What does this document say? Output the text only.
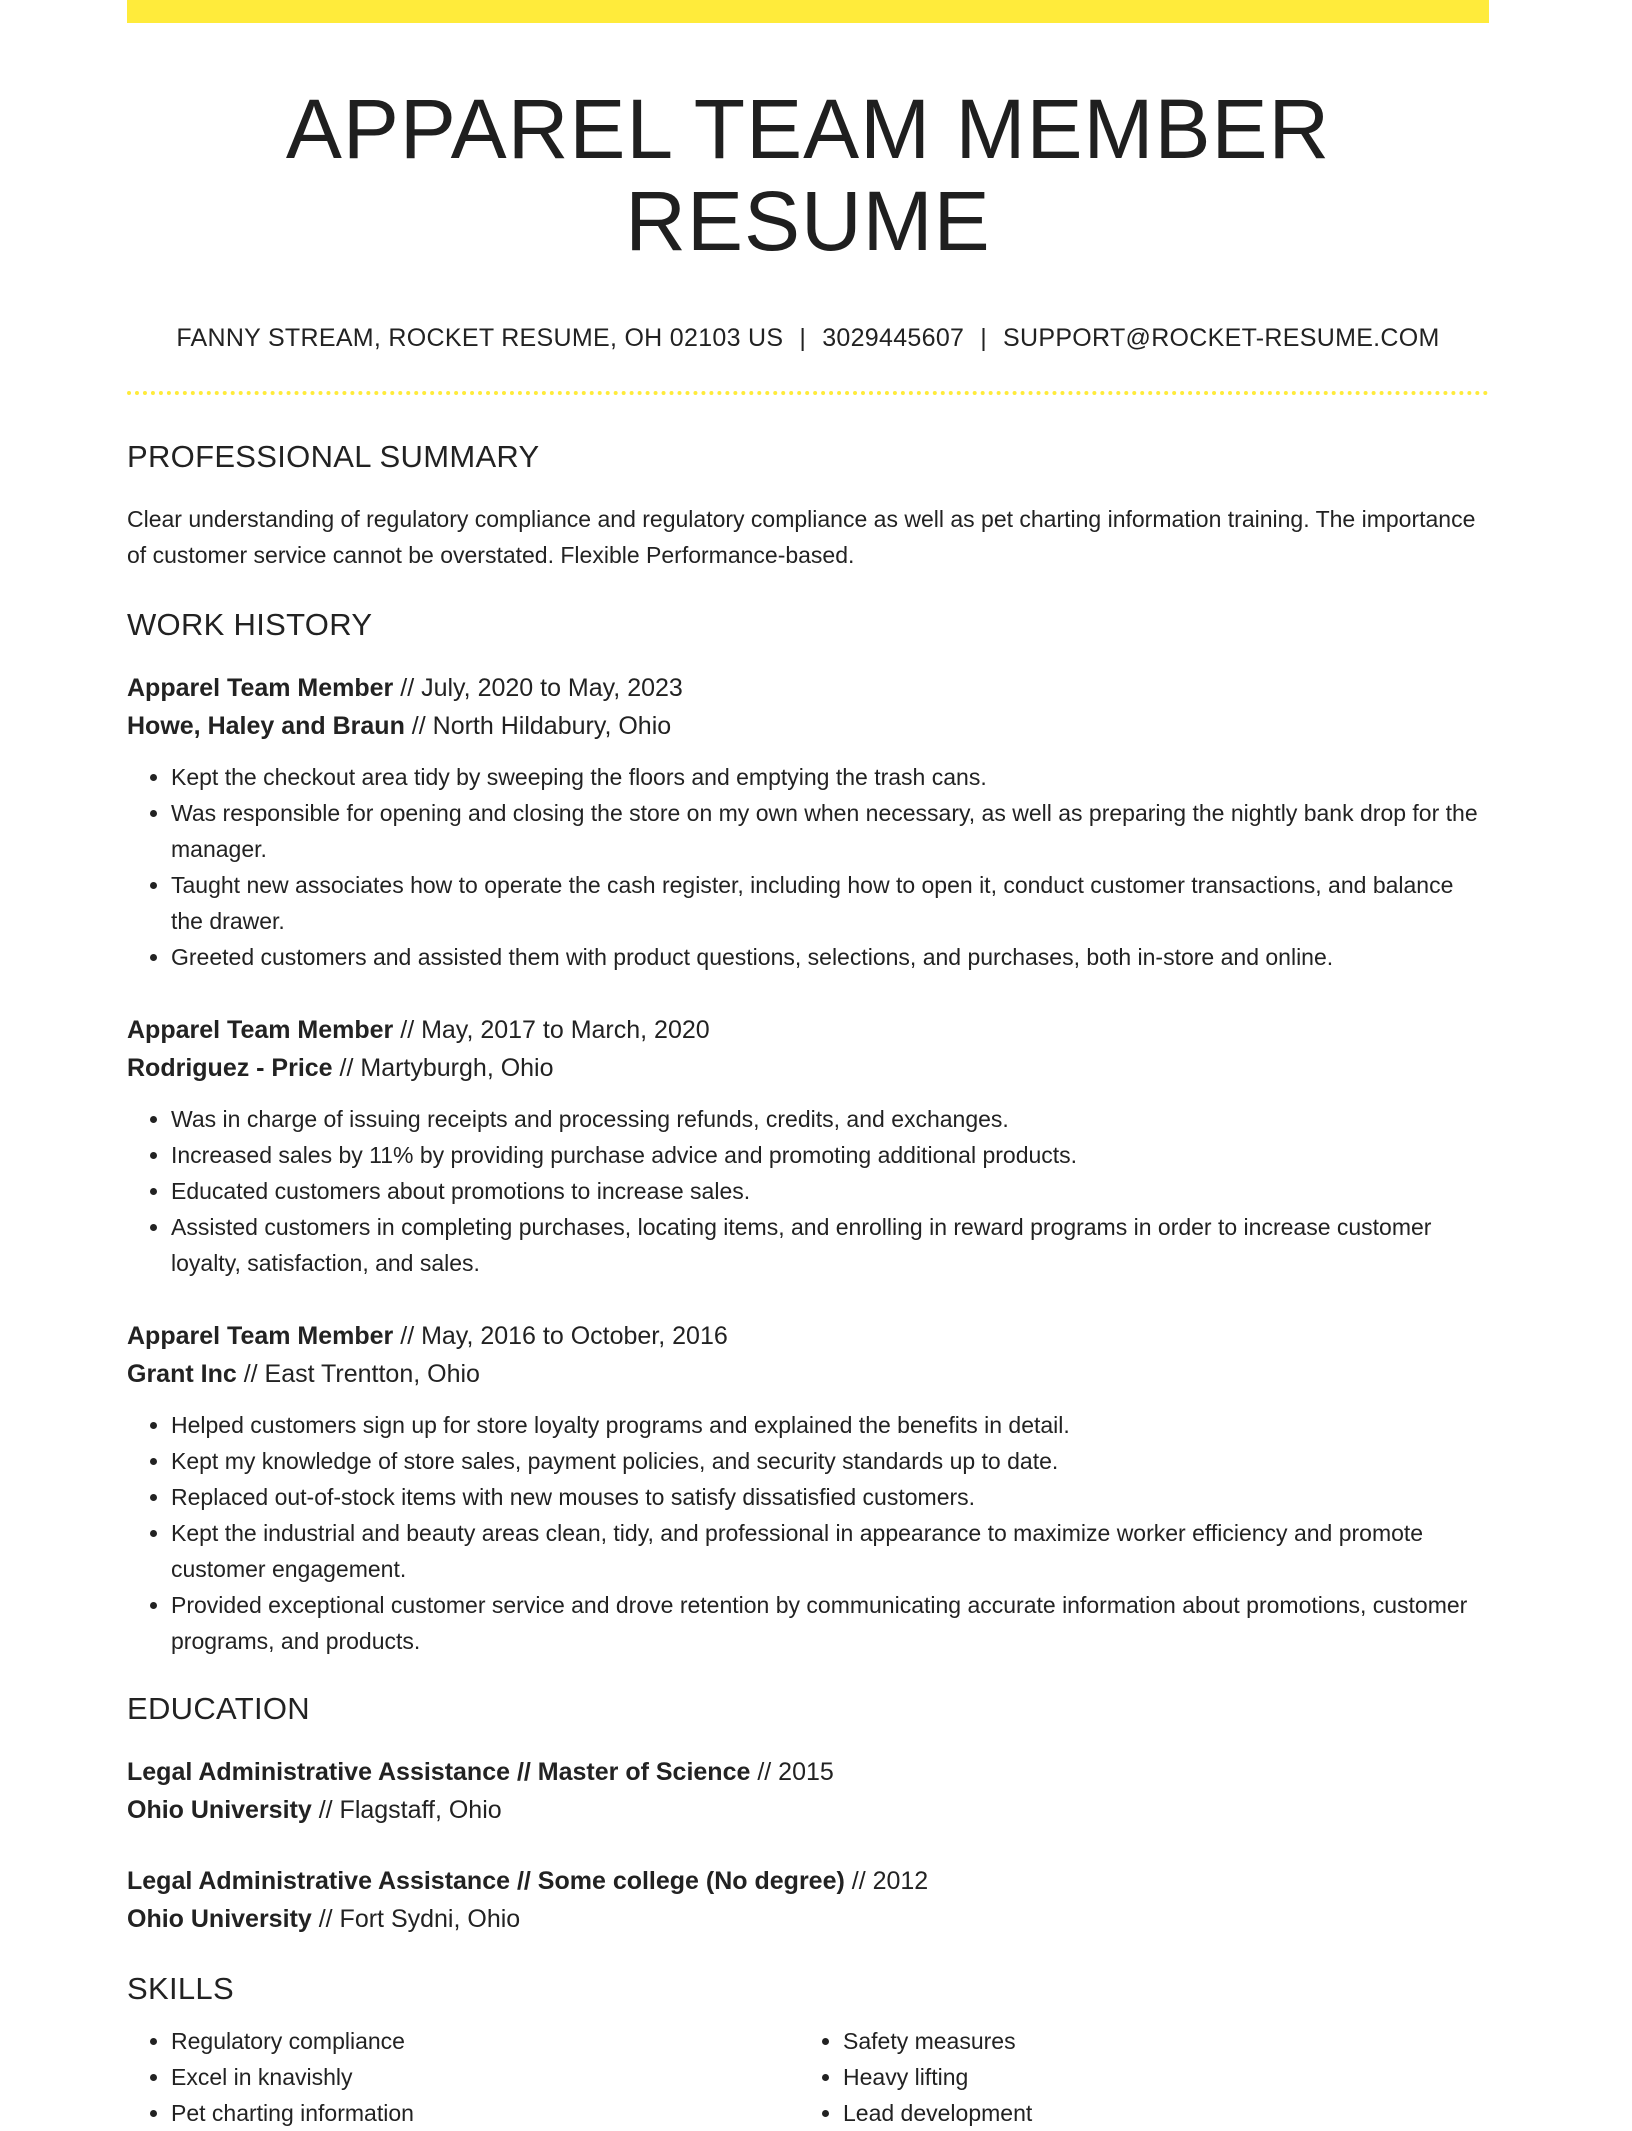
APPAREL TEAM MEMBER RESUME
FANNY STREAM, ROCKET RESUME, OH 02103 US | 3029445607 | SUPPORT@ROCKET-RESUME.COM
PROFESSIONAL SUMMARY

Clear understanding of regulatory compliance and regulatory compliance as well as pet charting information training. The importance of customer service cannot be overstated. Flexible Performance-based.

WORK HISTORY
Apparel Team Member // July, 2020 to May, 2023
Howe, Haley and Braun // North Hildabury, Ohio
• Kept the checkout area tidy by sweeping the floors and emptying the trash cans.
• Was responsible for opening and closing the store on my own when necessary, as well as preparing the nightly bank drop for the manager.
• Taught new associates how to operate the cash register, including how to open it, conduct customer transactions, and balance the drawer.
• Greeted customers and assisted them with product questions, selections, and purchases, both in-store and online.
Apparel Team Member // May, 2017 to March, 2020
Rodriguez - Price // Martyburgh, Ohio
• Was in charge of issuing receipts and processing refunds, credits, and exchanges.
• Increased sales by 11% by providing purchase advice and promoting additional products.
• Educated customers about promotions to increase sales.
• Assisted customers in completing purchases, locating items, and enrolling in reward programs in order to increase customer loyalty, satisfaction, and sales.
Apparel Team Member // May, 2016 to October, 2016
Grant Inc // East Trentton, Ohio
• Helped customers sign up for store loyalty programs and explained the benefits in detail.
• Kept my knowledge of store sales, payment policies, and security standards up to date.
• Replaced out-of-stock items with new mouses to satisfy dissatisfied customers.
• Kept the industrial and beauty areas clean, tidy, and professional in appearance to maximize worker efficiency and promote customer engagement.
• Provided exceptional customer service and drove retention by communicating accurate information about promotions, customer programs, and products.
EDUCATION
Legal Administrative Assistance // Master of Science // 2015
Ohio University // Flagstaff, Ohio
Legal Administrative Assistance // Some college (No degree) // 2012
Ohio University // Fort Sydni, Ohio
SKILLS
• Regulatory compliance
• Excel in knavishly
• Pet charting information
• Safety measures
• Heavy lifting
• Lead development
